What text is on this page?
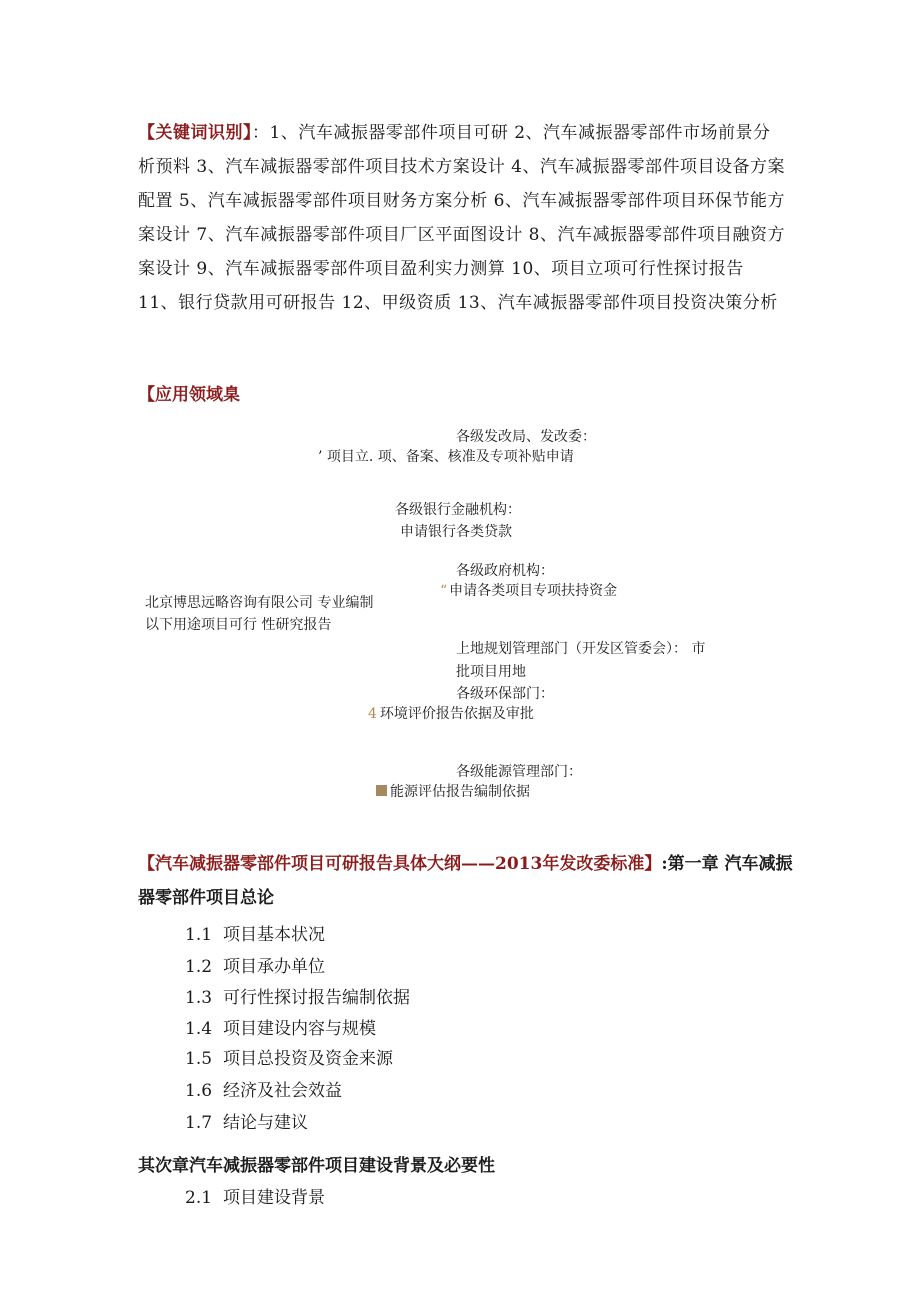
【关键词识别】：1、汽车减振器零部件项目可研 2、汽车减振器零部件市场前景分析预料 3、汽车减振器零部件项目技术方案设计 4、汽车减振器零部件项目设备方案配置 5、汽车减振器零部件项目财务方案分析 6、汽车减振器零部件项目环保节能方案设计 7、汽车减振器零部件项目厂区平面图设计 8、汽车减振器零部件项目融资方案设计 9、汽车减振器零部件项目盈利实力测算 10、项目立项可行性探讨报告 11、银行贷款用可研报告 12、甲级资质 13、汽车减振器零部件项目投资决策分析
【应用领域臬
各级发改局、发改委：
’ 项目立. 项、备案、核准及专项补贴申请
各级银行金融机构：
申请银行各类贷款
各级政府机构：
“ 申请各类项目专项扶持资金
北京博思远略咨询有限公司 专业编制以下用途项目可行 性研究报告
上地规划管理部门（开发区管委会）： 市
批项目用地
各级环保部门：
4 环境评价报告依据及审批
各级能源管理部门：
能源评估报告编制依据
【汽车减振器零部件项目可研报告具体大纲——2013年发改委标准】:第一章 汽车减振器零部件项目总论
1.1 项目基本状况
1.2 项目承办单位
1.3 可行性探讨报告编制依据
1.4 项目建设内容与规模
1.5 项目总投资及资金来源
1.6 经济及社会效益
1.7 结论与建议
其次章汽车减振器零部件项目建设背景及必要性
2.1 项目建设背景
